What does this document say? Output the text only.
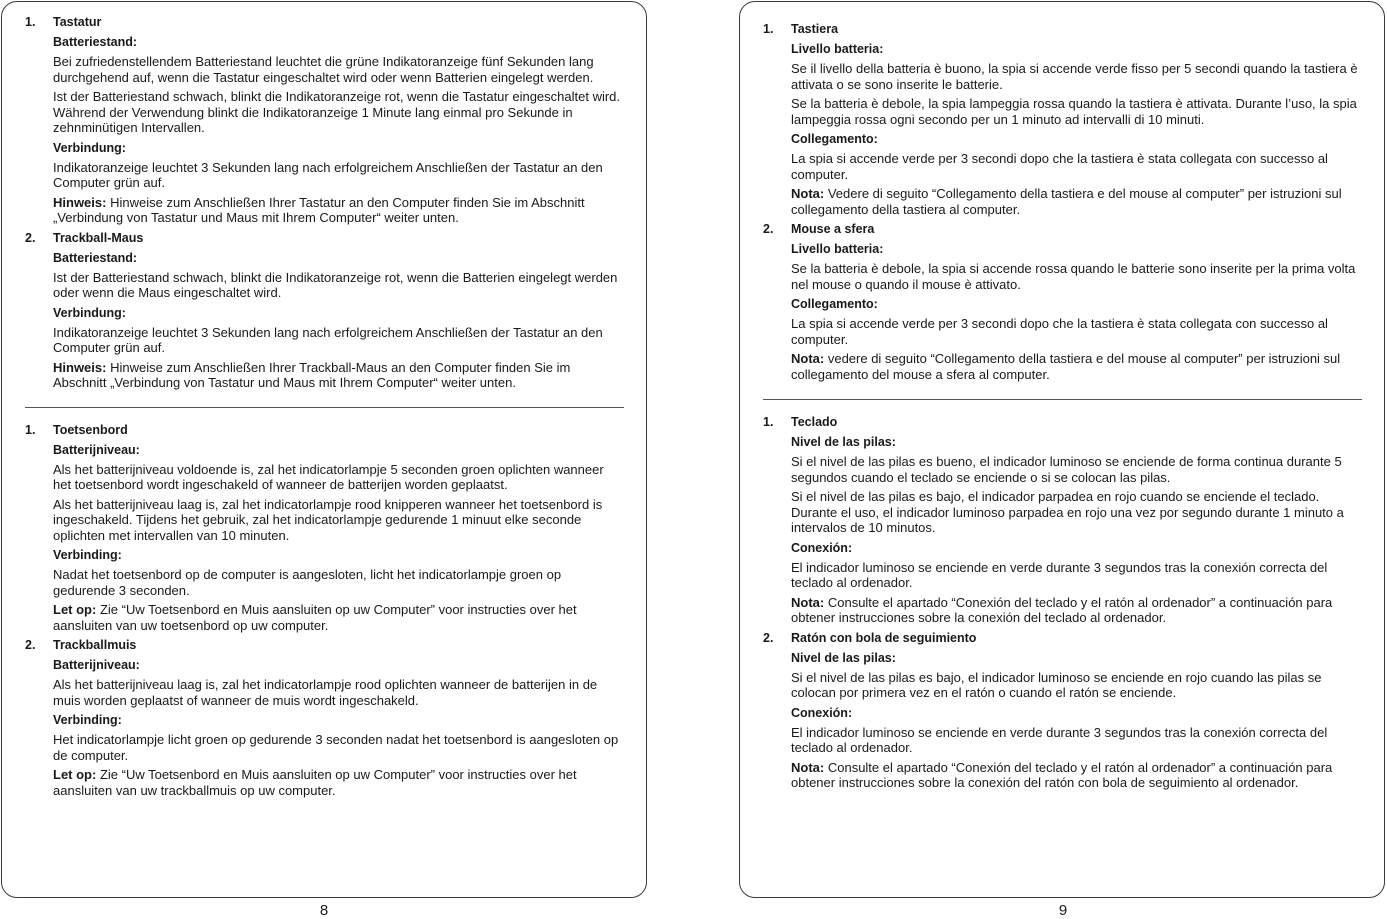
1.	Tastatur
Batteriestand:

Bei zufriedenstellendem Batteriestand leuchtet die grüne Indikatoranzeige fünf Sekunden lang durchgehend auf, wenn die Tastatur eingeschaltet wird oder wenn Batterien eingelegt werden.

Ist der Batteriestand schwach, blinkt die Indikatoranzeige rot, wenn die Tastatur eingeschaltet wird. Während der Verwendung blinkt die Indikatoranzeige 1 Minute lang einmal pro Sekunde in zehnminütigen Intervallen.

Verbindung:

Indikatoranzeige leuchtet 3 Sekunden lang nach erfolgreichem Anschließen der Tastatur an den Computer grün auf.

Hinweis: Hinweise zum Anschließen Ihrer Tastatur an den Computer finden Sie im Abschnitt „Verbindung von Tastatur und Maus mit Ihrem Computer“ weiter unten.

2.	Trackball-Maus
Batteriestand:

Ist der Batteriestand schwach, blinkt die Indikatoranzeige rot, wenn die Batterien eingelegt werden oder wenn die Maus eingeschaltet wird.

Verbindung:

Indikatoranzeige leuchtet 3 Sekunden lang nach erfolgreichem Anschließen der Tastatur an den Computer grün auf.

Hinweis: Hinweise zum Anschließen Ihrer Trackball-Maus an den Computer finden Sie im Abschnitt „Verbindung von Tastatur und Maus mit Ihrem Computer“ weiter unten.

1.	Toetsenbord
Batterijniveau:

Als het batterijniveau voldoende is, zal het indicatorlampje 5 seconden groen oplichten wanneer het toetsenbord wordt ingeschakeld of wanneer de batterijen worden geplaatst.

Als het batterijniveau laag is, zal het indicatorlampje rood knipperen wanneer het toetsenbord is ingeschakeld. Tijdens het gebruik, zal het indicatorlampje gedurende 1 minuut elke seconde oplichten met intervallen van 10 minuten.

Verbinding:

Nadat het toetsenbord op de computer is aangesloten, licht het indicatorlampje groen op gedurende 3 seconden.

Let op: Zie “Uw Toetsenbord en Muis aansluiten op uw Computer” voor instructies over het aansluiten van uw toetsenbord op uw computer.

2.	Trackballmuis
Batterijniveau:

Als het batterijniveau laag is, zal het indicatorlampje rood oplichten wanneer de batterijen in de muis worden geplaatst of wanneer de muis wordt ingeschakeld.

Verbinding:

Het indicatorlampje licht groen op gedurende 3 seconden nadat het toetsenbord is aangesloten op de computer.

Let op: Zie “Uw Toetsenbord en Muis aansluiten op uw Computer” voor instructies over het aansluiten van uw trackballmuis op uw computer.

8
1.	Tastiera
Livello batteria:

Se il livello della batteria è buono, la spia si accende verde fisso per 5 secondi quando la tastiera è attivata o se sono inserite le batterie.

Se la batteria è debole, la spia lampeggia rossa quando la tastiera è attivata. Durante l’uso, la spia lampeggia rossa ogni secondo per un 1 minuto ad intervalli di 10 minuti.

Collegamento:

La spia si accende verde per 3 secondi dopo che la tastiera è stata collegata con successo al computer.

Nota: Vedere di seguito “Collegamento della tastiera e del mouse al computer” per istruzioni sul collegamento della tastiera al computer.

2.	Mouse a sfera
Livello batteria:

Se la batteria è debole, la spia si accende rossa quando le batterie sono inserite per la prima volta nel mouse o quando il mouse è attivato.

Collegamento:

La spia si accende verde per 3 secondi dopo che la tastiera è stata collegata con successo al computer.

Nota: vedere di seguito “Collegamento della tastiera e del mouse al computer” per istruzioni sul collegamento del mouse a sfera al computer.

1.	Teclado
Nivel de las pilas:

Si el nivel de las pilas es bueno, el indicador luminoso se enciende de forma continua durante 5 segundos cuando el teclado se enciende o si se colocan las pilas.

Si el nivel de las pilas es bajo, el indicador parpadea en rojo cuando se enciende el teclado. Durante el uso, el indicador luminoso parpadea en rojo una vez por segundo durante 1 minuto a intervalos de 10 minutos.

Conexión:

El indicador luminoso se enciende en verde durante 3 segundos tras la conexión correcta del teclado al ordenador.

Nota: Consulte el apartado “Conexión del teclado y el ratón al ordenador” a continuación para obtener instrucciones sobre la conexión del teclado al ordenador.

2.	Ratón con bola de seguimiento
Nivel de las pilas:

Si el nivel de las pilas es bajo, el indicador luminoso se enciende en rojo cuando las pilas se colocan por primera vez en el ratón o cuando el ratón se enciende.

Conexión:

El indicador luminoso se enciende en verde durante 3 segundos tras la conexión correcta del teclado al ordenador.

Nota: Consulte el apartado “Conexión del teclado y el ratón al ordenador” a continuación para obtener instrucciones sobre la conexión del ratón con bola de seguimiento al ordenador.

9
